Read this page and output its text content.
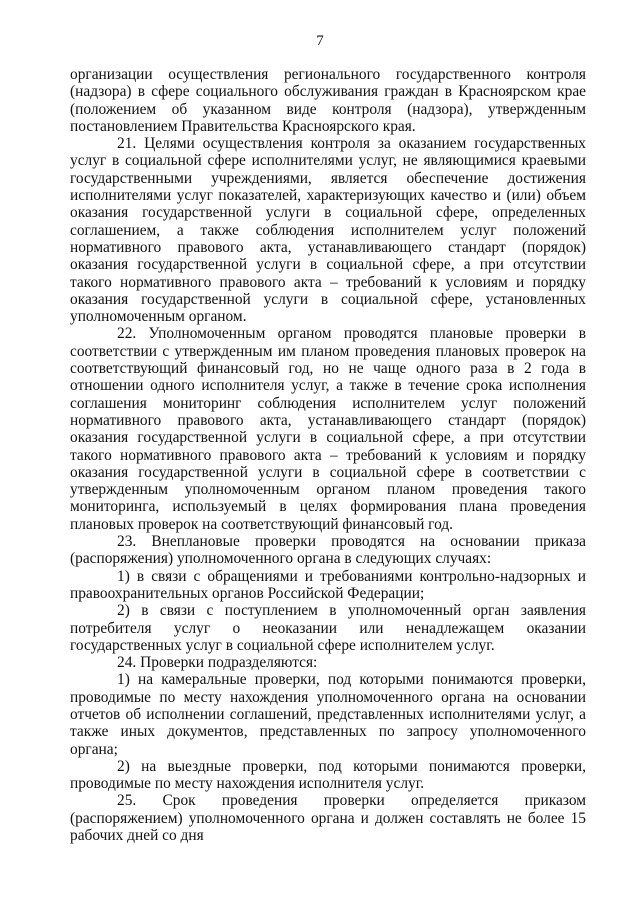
7

организации осуществления регионального государственного контроля (надзора) в сфере социального обслуживания граждан в Красноярском крае (положением об указанном виде контроля (надзора), утвержденным постановлением Правительства Красноярского края.

21. Целями осуществления контроля за оказанием государственных услуг в социальной сфере исполнителями услуг, не являющимися краевыми государственными учреждениями, является обеспечение достижения исполнителями услуг показателей, характеризующих качество и (или) объем оказания государственной услуги в социальной сфере, определенных соглашением, а также соблюдения исполнителем услуг положений нормативного правового акта, устанавливающего стандарт (порядок) оказания государственной услуги в социальной сфере, а при отсутствии такого нормативного правового акта – требований к условиям и порядку оказания государственной услуги в социальной сфере, установленных уполномоченным органом.

22. Уполномоченным органом проводятся плановые проверки в соответствии с утвержденным им планом проведения плановых проверок на соответствующий финансовый год, но не чаще одного раза в 2 года в отношении одного исполнителя услуг, а также в течение срока исполнения соглашения мониторинг соблюдения исполнителем услуг положений нормативного правового акта, устанавливающего стандарт (порядок) оказания государственной услуги в социальной сфере, а при отсутствии такого нормативного правового акта – требований к условиям и порядку оказания государственной услуги в социальной сфере в соответствии с утвержденным уполномоченным органом планом проведения такого мониторинга, используемый в целях формирования плана проведения плановых проверок на соответствующий финансовый год.

23. Внеплановые проверки проводятся на основании приказа (распоряжения) уполномоченного органа в следующих случаях:

1) в связи с обращениями и требованиями контрольно-надзорных и правоохранительных органов Российской Федерации;

2) в связи с поступлением в уполномоченный орган заявления потребителя услуг о неоказании или ненадлежащем оказании государственных услуг в социальной сфере исполнителем услуг.

24. Проверки подразделяются:

1) на камеральные проверки, под которыми понимаются проверки, проводимые по месту нахождения уполномоченного органа на основании отчетов об исполнении соглашений, представленных исполнителями услуг, а также иных документов, представленных по запросу уполномоченного органа;

2) на выездные проверки, под которыми понимаются проверки, проводимые по месту нахождения исполнителя услуг.

25. Срок проведения проверки определяется приказом (распоряжением) уполномоченного органа и должен составлять не более 15 рабочих дней со дня
